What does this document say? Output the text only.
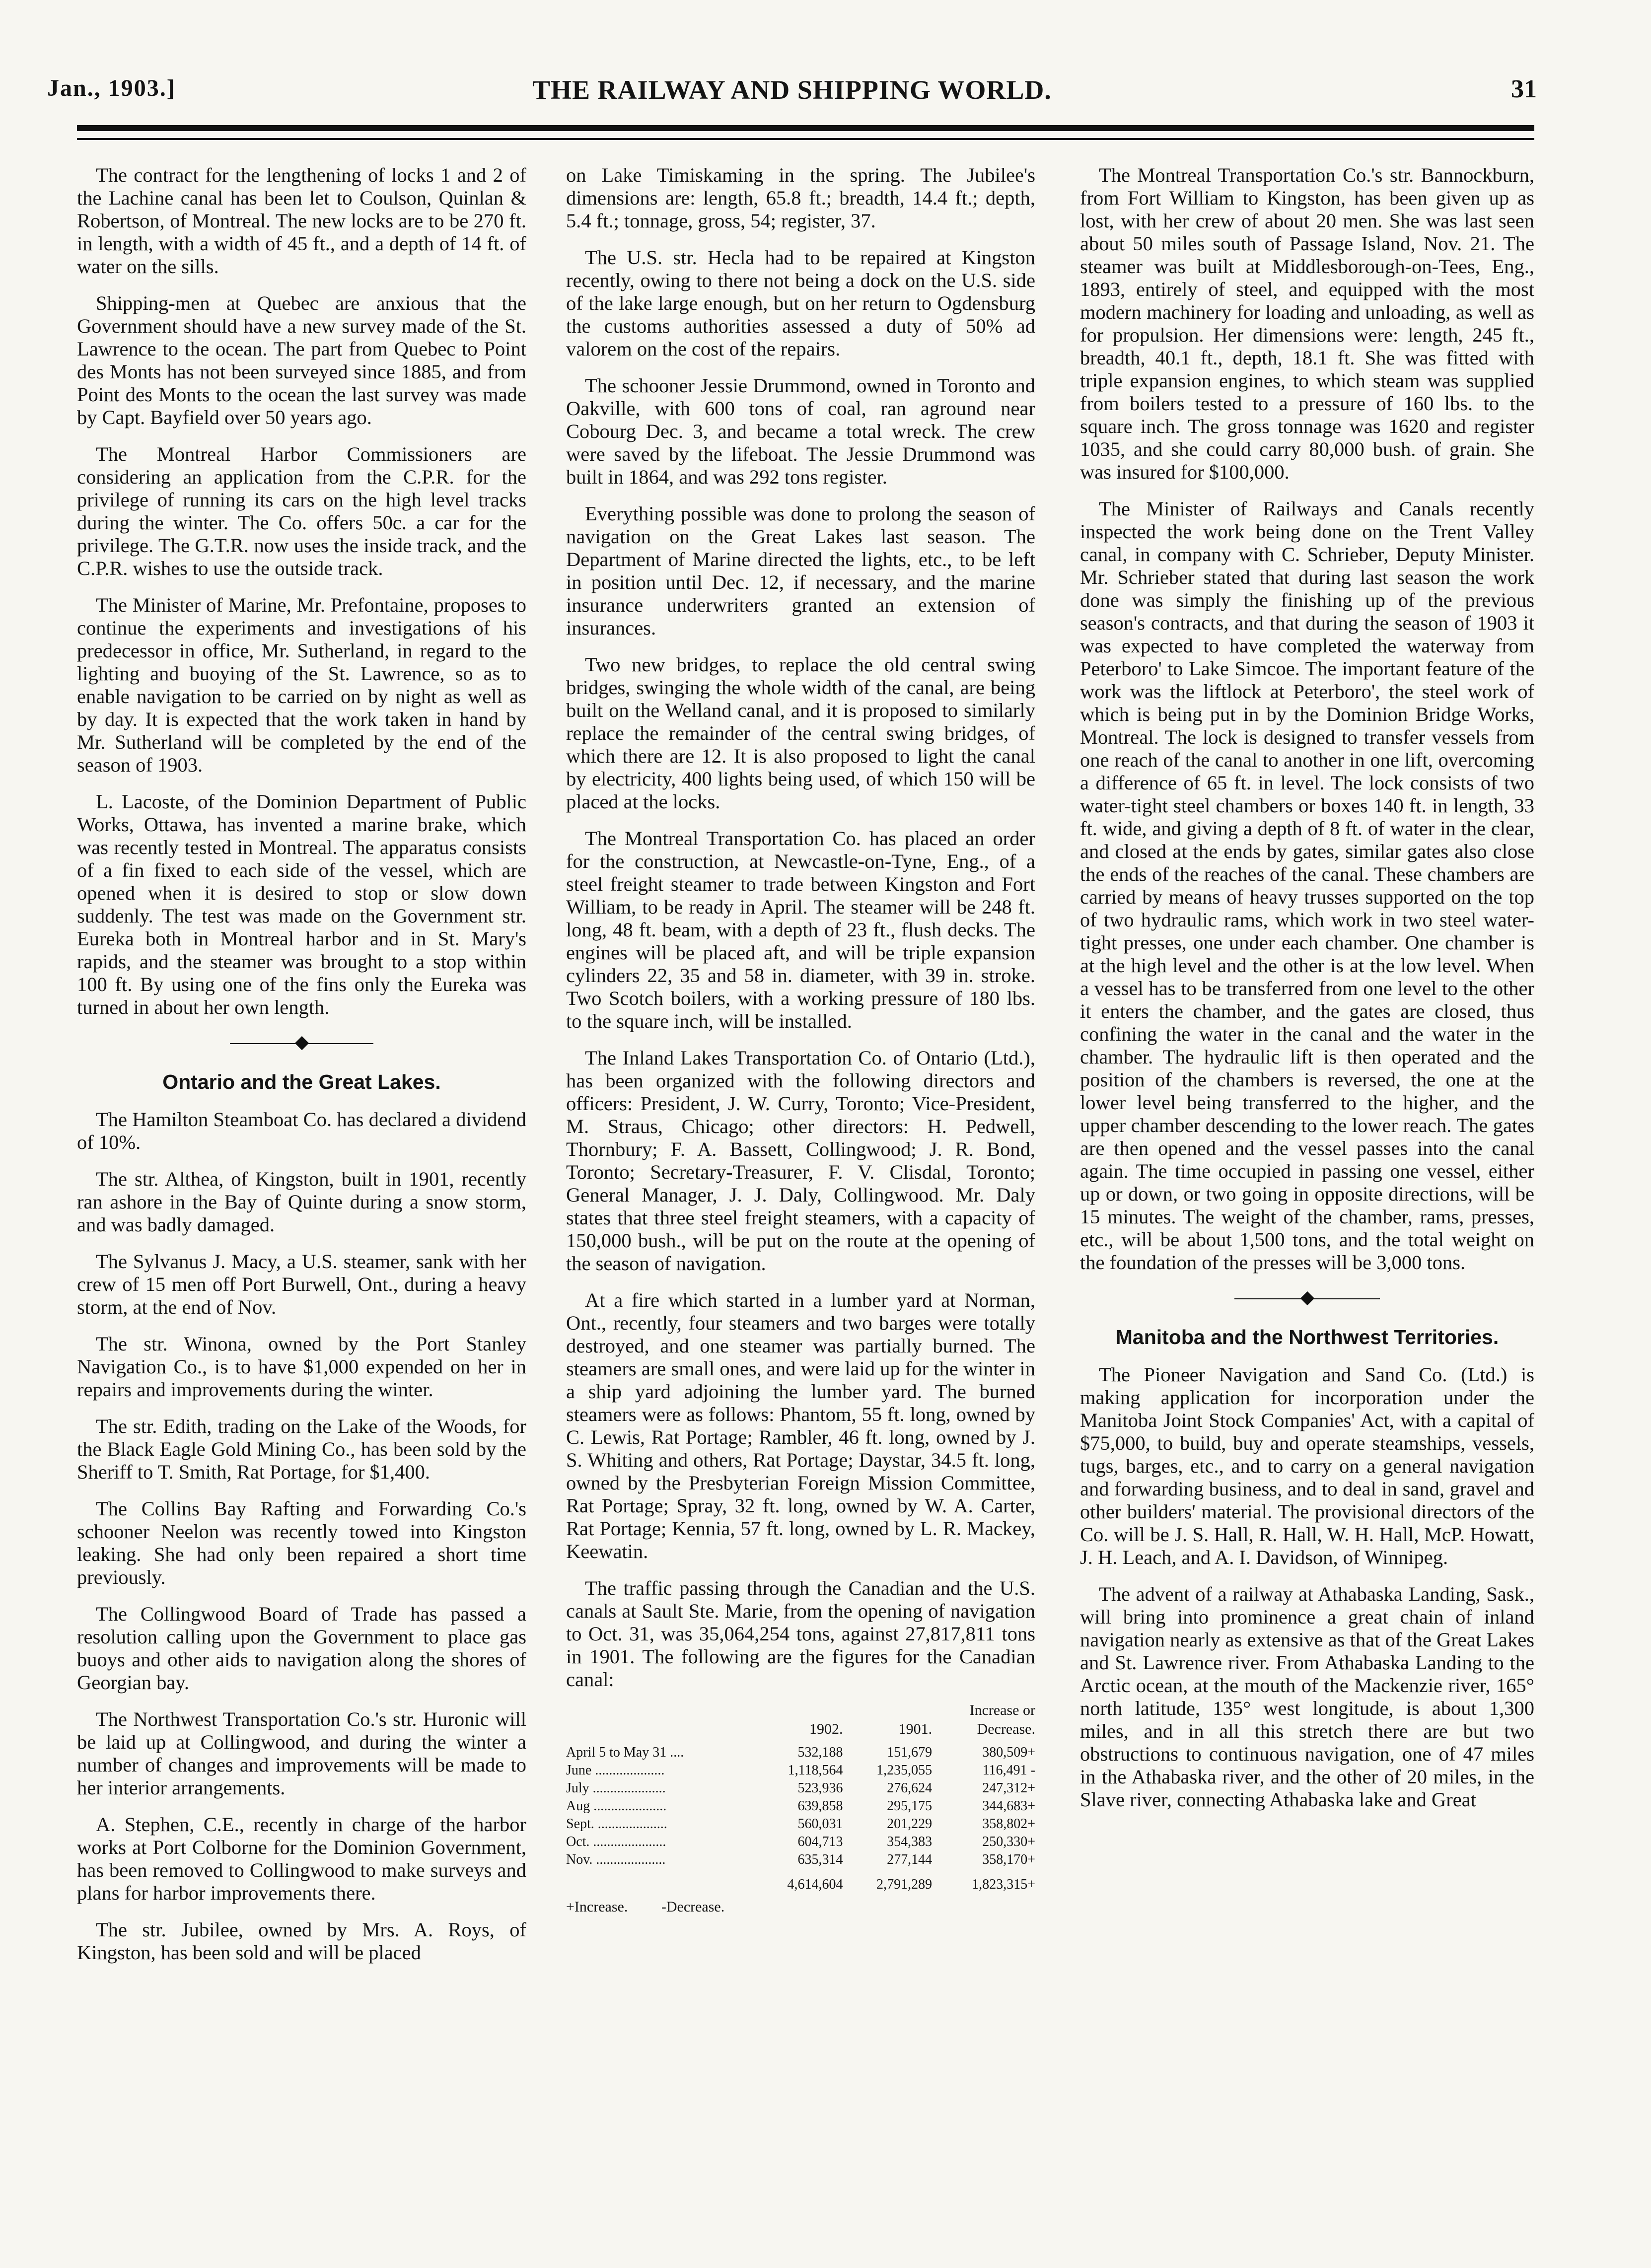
Jan., 1903.]	THE RAILWAY AND SHIPPING WORLD.	31

The contract for the lengthening of locks 1 and 2 of the Lachine canal has been let to Coulson, Quinlan & Robertson, of Montreal. The new locks are to be 270 ft. in length, with a width of 45 ft., and a depth of 14 ft. of water on the sills.

Shipping-men at Quebec are anxious that the Government should have a new survey made of the St. Lawrence to the ocean. The part from Quebec to Point des Monts has not been surveyed since 1885, and from Point des Monts to the ocean the last survey was made by Capt. Bayfield over 50 years ago.

The Montreal Harbor Commissioners are considering an application from the C.P.R. for the privilege of running its cars on the high level tracks during the winter. The Co. offers 50c. a car for the privilege. The G.T.R. now uses the inside track, and the C.P.R. wishes to use the outside track.

The Minister of Marine, Mr. Prefontaine, proposes to continue the experiments and investigations of his predecessor in office, Mr. Sutherland, in regard to the lighting and buoying of the St. Lawrence, so as to enable navigation to be carried on by night as well as by day. It is expected that the work taken in hand by Mr. Sutherland will be completed by the end of the season of 1903.

L. Lacoste, of the Dominion Department of Public Works, Ottawa, has invented a marine brake, which was recently tested in Montreal. The apparatus consists of a fin fixed to each side of the vessel, which are opened when it is desired to stop or slow down suddenly. The test was made on the Government str. Eureka both in Montreal harbor and in St. Mary's rapids, and the steamer was brought to a stop within 100 ft. By using one of the fins only the Eureka was turned in about her own length.

Ontario and the Great Lakes.

The Hamilton Steamboat Co. has declared a dividend of 10%.

The str. Althea, of Kingston, built in 1901, recently ran ashore in the Bay of Quinte during a snow storm, and was badly damaged.

The Sylvanus J. Macy, a U.S. steamer, sank with her crew of 15 men off Port Burwell, Ont., during a heavy storm, at the end of Nov.

The str. Winona, owned by the Port Stanley Navigation Co., is to have $1,000 expended on her in repairs and improvements during the winter.

The str. Edith, trading on the Lake of the Woods, for the Black Eagle Gold Mining Co., has been sold by the Sheriff to T. Smith, Rat Portage, for $1,400.

The Collins Bay Rafting and Forwarding Co.'s schooner Neelon was recently towed into Kingston leaking. She had only been repaired a short time previously.

The Collingwood Board of Trade has passed a resolution calling upon the Government to place gas buoys and other aids to navigation along the shores of Georgian bay.

The Northwest Transportation Co.'s str. Huronic will be laid up at Collingwood, and during the winter a number of changes and improvements will be made to her interior arrangements.

A. Stephen, C.E., recently in charge of the harbor works at Port Colborne for the Dominion Government, has been removed to Collingwood to make surveys and plans for harbor improvements there.

The str. Jubilee, owned by Mrs. A. Roys, of Kingston, has been sold and will be placed

on Lake Timiskaming in the spring. The Jubilee's dimensions are: length, 65.8 ft.; breadth, 14.4 ft.; depth, 5.4 ft.; tonnage, gross, 54; register, 37.

The U.S. str. Hecla had to be repaired at Kingston recently, owing to there not being a dock on the U.S. side of the lake large enough, but on her return to Ogdensburg the customs authorities assessed a duty of 50% ad valorem on the cost of the repairs.

The schooner Jessie Drummond, owned in Toronto and Oakville, with 600 tons of coal, ran aground near Cobourg Dec. 3, and became a total wreck. The crew were saved by the lifeboat. The Jessie Drummond was built in 1864, and was 292 tons register.

Everything possible was done to prolong the season of navigation on the Great Lakes last season. The Department of Marine directed the lights, etc., to be left in position until Dec. 12, if necessary, and the marine insurance underwriters granted an extension of insurances.

Two new bridges, to replace the old central swing bridges, swinging the whole width of the canal, are being built on the Welland canal, and it is proposed to similarly replace the remainder of the central swing bridges, of which there are 12. It is also proposed to light the canal by electricity, 400 lights being used, of which 150 will be placed at the locks.

The Montreal Transportation Co. has placed an order for the construction, at Newcastle-on-Tyne, Eng., of a steel freight steamer to trade between Kingston and Fort William, to be ready in April. The steamer will be 248 ft. long, 48 ft. beam, with a depth of 23 ft., flush decks. The engines will be placed aft, and will be triple expansion cylinders 22, 35 and 58 in. diameter, with 39 in. stroke. Two Scotch boilers, with a working pressure of 180 lbs. to the square inch, will be installed.

The Inland Lakes Transportation Co. of Ontario (Ltd.), has been organized with the following directors and officers: President, J. W. Curry, Toronto; Vice-President, M. Straus, Chicago; other directors: H. Pedwell, Thornbury; F. A. Bassett, Collingwood; J. R. Bond, Toronto; Secretary-Treasurer, F. V. Clisdal, Toronto; General Manager, J. J. Daly, Collingwood. Mr. Daly states that three steel freight steamers, with a capacity of 150,000 bush., will be put on the route at the opening of the season of navigation.

At a fire which started in a lumber yard at Norman, Ont., recently, four steamers and two barges were totally destroyed, and one steamer was partially burned. The steamers are small ones, and were laid up for the winter in a ship yard adjoining the lumber yard. The burned steamers were as follows: Phantom, 55 ft. long, owned by C. Lewis, Rat Portage; Rambler, 46 ft. long, owned by J. S. Whiting and others, Rat Portage; Daystar, 34.5 ft. long, owned by the Presbyterian Foreign Mission Committee, Rat Portage; Spray, 32 ft. long, owned by W. A. Carter, Rat Portage; Kennia, 57 ft. long, owned by L. R. Mackey, Keewatin.

The traffic passing through the Canadian and the U.S. canals at Sault Ste. Marie, from the opening of navigation to Oct. 31, was 35,064,254 tons, against 27,817,811 tons in 1901. The following are the figures for the Canadian canal:

	1902.	1901.	Increase or Decrease.
April 5 to May 31 ....	532,188	151,679	380,509+
June ....................	1,118,564	1,235,055	116,491 -
July .....................	523,936	276,624	247,312+
Aug .....................	639,858	295,175	344,683+
Sept. ....................	560,031	201,229	358,802+
Oct. .....................	604,713	354,383	250,330+
Nov. ....................	635,314	277,144	358,170+
	4,614,604	2,791,289	1,823,315+
+Increase. -Decrease.

The Montreal Transportation Co.'s str. Bannockburn, from Fort William to Kingston, has been given up as lost, with her crew of about 20 men. She was last seen about 50 miles south of Passage Island, Nov. 21. The steamer was built at Middlesborough-on-Tees, Eng., 1893, entirely of steel, and equipped with the most modern machinery for loading and unloading, as well as for propulsion. Her dimensions were: length, 245 ft., breadth, 40.1 ft., depth, 18.1 ft. She was fitted with triple expansion engines, to which steam was supplied from boilers tested to a pressure of 160 lbs. to the square inch. The gross tonnage was 1620 and register 1035, and she could carry 80,000 bush. of grain. She was insured for $100,000.

The Minister of Railways and Canals recently inspected the work being done on the Trent Valley canal, in company with C. Schrieber, Deputy Minister. Mr. Schrieber stated that during last season the work done was simply the finishing up of the previous season's contracts, and that during the season of 1903 it was expected to have completed the waterway from Peterboro' to Lake Simcoe. The important feature of the work was the liftlock at Peterboro', the steel work of which is being put in by the Dominion Bridge Works, Montreal. The lock is designed to transfer vessels from one reach of the canal to another in one lift, overcoming a difference of 65 ft. in level. The lock consists of two water-tight steel chambers or boxes 140 ft. in length, 33 ft. wide, and giving a depth of 8 ft. of water in the clear, and closed at the ends by gates, similar gates also close the ends of the reaches of the canal. These chambers are carried by means of heavy trusses supported on the top of two hydraulic rams, which work in two steel water-tight presses, one under each chamber. One chamber is at the high level and the other is at the low level. When a vessel has to be transferred from one level to the other it enters the chamber, and the gates are closed, thus confining the water in the canal and the water in the chamber. The hydraulic lift is then operated and the position of the chambers is reversed, the one at the lower level being transferred to the higher, and the upper chamber descending to the lower reach. The gates are then opened and the vessel passes into the canal again. The time occupied in passing one vessel, either up or down, or two going in opposite directions, will be 15 minutes. The weight of the chamber, rams, presses, etc., will be about 1,500 tons, and the total weight on the foundation of the presses will be 3,000 tons.

Manitoba and the Northwest Territories.

The Pioneer Navigation and Sand Co. (Ltd.) is making application for incorporation under the Manitoba Joint Stock Companies' Act, with a capital of $75,000, to build, buy and operate steamships, vessels, tugs, barges, etc., and to carry on a general navigation and forwarding business, and to deal in sand, gravel and other builders' material. The provisional directors of the Co. will be J. S. Hall, R. Hall, W. H. Hall, McP. Howatt, J. H. Leach, and A. I. Davidson, of Winnipeg.

The advent of a railway at Athabaska Landing, Sask., will bring into prominence a great chain of inland navigation nearly as extensive as that of the Great Lakes and St. Lawrence river. From Athabaska Landing to the Arctic ocean, at the mouth of the Mackenzie river, 165° north latitude, 135° west longitude, is about 1,300 miles, and in all this stretch there are but two obstructions to continuous navigation, one of 47 miles in the Athabaska river, and the other of 20 miles, in the Slave river, connecting Athabaska lake and Great
